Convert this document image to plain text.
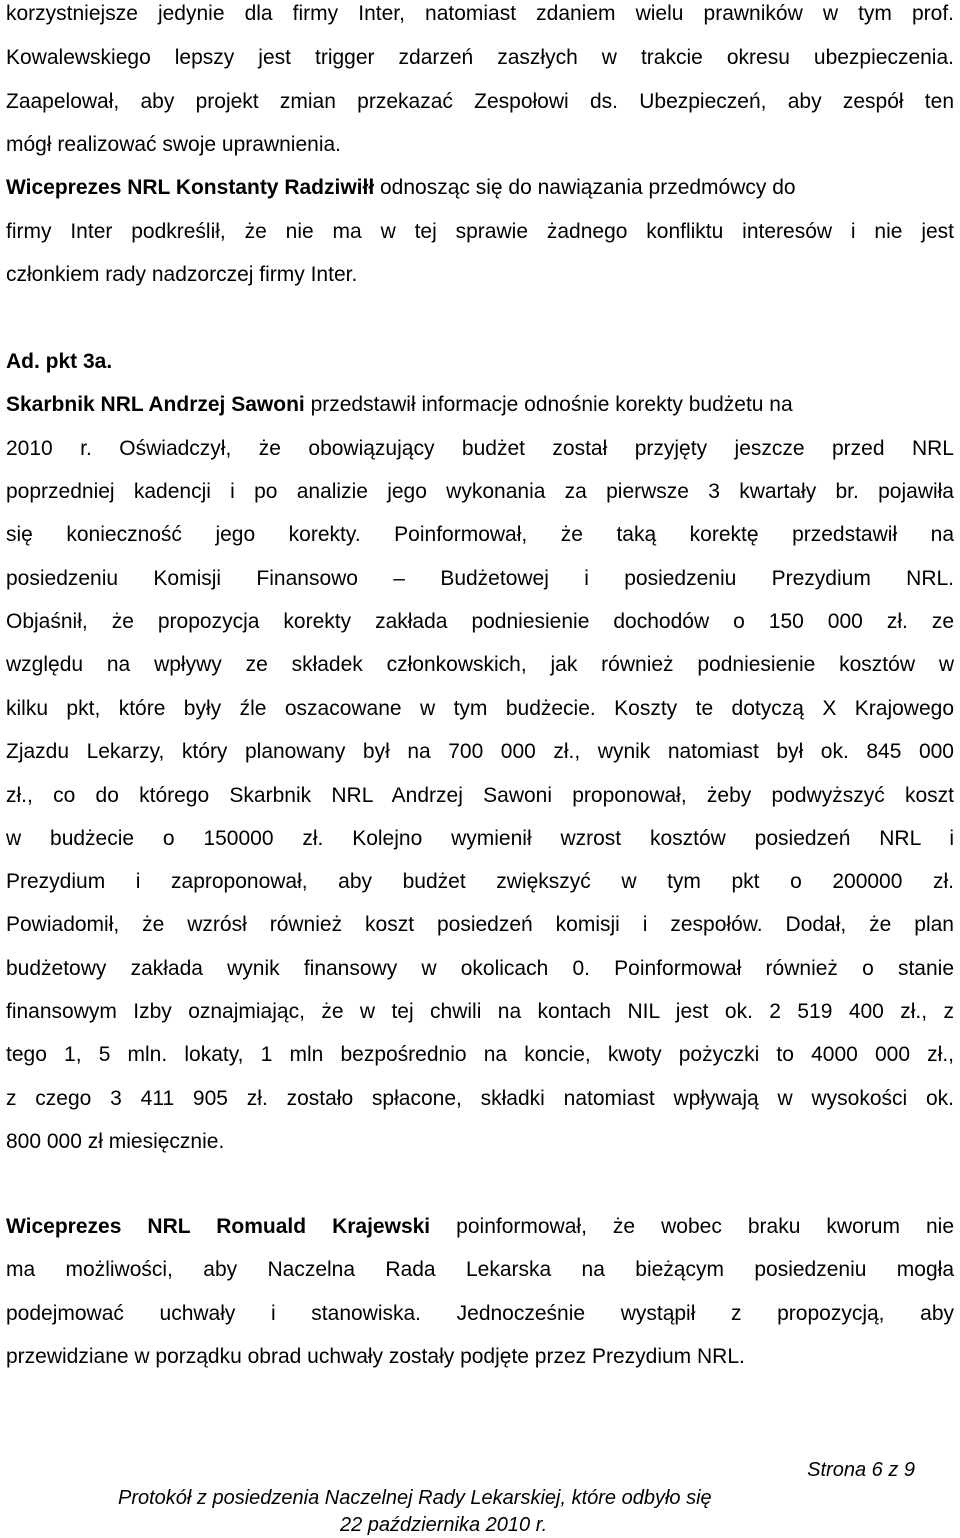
korzystniejsze jedynie dla firmy Inter, natomiast zdaniem wielu prawników w tym prof.
Kowalewskiego lepszy jest trigger zdarzeń zaszłych w trakcie okresu ubezpieczenia.
Zaapelował, aby projekt zmian przekazać Zespołowi ds. Ubezpieczeń, aby zespół ten
mógł realizować swoje uprawnienia.
Wiceprezes NRL Konstanty Radziwiłł odnosząc się do nawiązania przedmówcy do
firmy Inter podkreślił, że nie ma w tej sprawie żadnego konfliktu interesów i nie jest
członkiem rady nadzorczej firmy Inter.
Ad. pkt 3a.
Skarbnik NRL Andrzej Sawoni przedstawił informacje odnośnie korekty budżetu na
2010 r. Oświadczył, że obowiązujący budżet został przyjęty jeszcze przed NRL
poprzedniej kadencji i po analizie jego wykonania za pierwsze 3 kwartały br. pojawiła
się konieczność jego korekty. Poinformował, że taką korektę przedstawił na
posiedzeniu Komisji Finansowo – Budżetowej i posiedzeniu Prezydium NRL.
Objaśnił, że propozycja korekty zakłada podniesienie dochodów o 150 000 zł. ze
względu na wpływy ze składek członkowskich, jak również podniesienie kosztów w
kilku pkt, które były źle oszacowane w tym budżecie. Koszty te dotyczą X Krajowego
Zjazdu Lekarzy, który planowany był na 700 000 zł., wynik natomiast był ok. 845 000
zł., co do którego Skarbnik NRL Andrzej Sawoni proponował, żeby podwyższyć koszt
w budżecie o 150000 zł. Kolejno wymienił wzrost kosztów posiedzeń NRL i
Prezydium i zaproponował, aby budżet zwiększyć w tym pkt o 200000 zł.
Powiadomił, że wzrósł również koszt posiedzeń komisji i zespołów. Dodał, że plan
budżetowy zakłada wynik finansowy w okolicach 0. Poinformował również o stanie
finansowym Izby oznajmiając, że w tej chwili na kontach NIL jest ok. 2 519 400 zł., z
tego 1, 5 mln. lokaty, 1 mln bezpośrednio na koncie, kwoty pożyczki to 4000 000 zł.,
z czego 3 411 905 zł. zostało spłacone, składki natomiast wpływają w wysokości ok.
800 000 zł miesięcznie.
Wiceprezes NRL Romuald Krajewski poinformował, że wobec braku kworum nie
ma możliwości, aby Naczelna Rada Lekarska na bieżącym posiedzeniu mogła
podejmować uchwały i stanowiska. Jednocześnie wystąpił z propozycją, aby
przewidziane w porządku obrad uchwały zostały podjęte przez Prezydium NRL.
Strona 6 z 9
Protokół z posiedzenia Naczelnej Rady Lekarskiej, które odbyło się
22 października 2010 r.
